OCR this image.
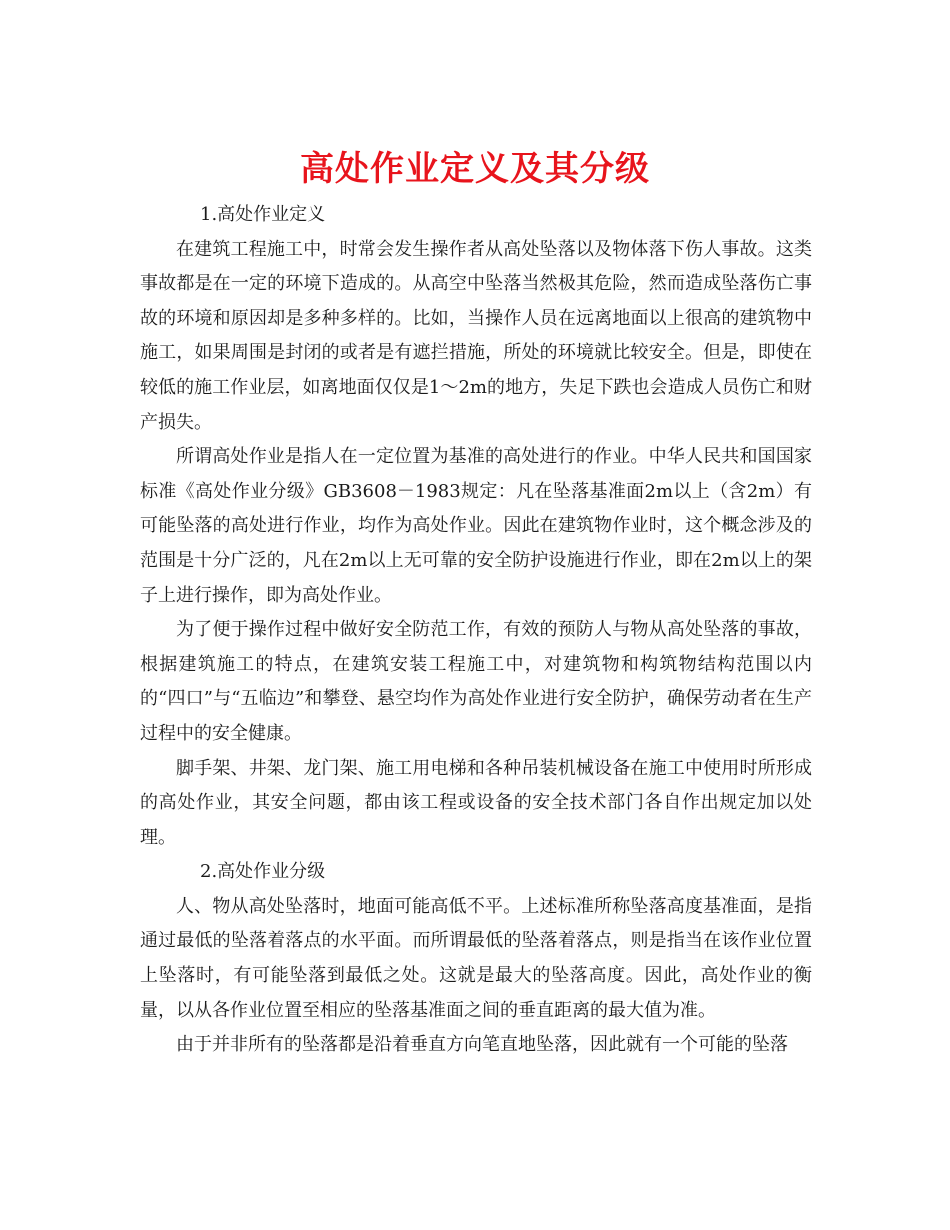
高处作业定义及其分级

1.高处作业定义

在建筑工程施工中，时常会发生操作者从高处坠落以及物体落下伤人事故。这类事故都是在一定的环境下造成的。从高空中坠落当然极其危险，然而造成坠落伤亡事故的环境和原因却是多种多样的。比如，当操作人员在远离地面以上很高的建筑物中施工，如果周围是封闭的或者是有遮拦措施，所处的环境就比较安全。但是，即使在较低的施工作业层，如离地面仅仅是1～2m的地方，失足下跌也会造成人员伤亡和财产损失。

所谓高处作业是指人在一定位置为基准的高处进行的作业。中华人民共和国国家标准《高处作业分级》GB3608－1983规定：凡在坠落基准面2m以上（含2m）有可能坠落的高处进行作业，均作为高处作业。因此在建筑物作业时，这个概念涉及的范围是十分广泛的，凡在2m以上无可靠的安全防护设施进行作业，即在2m以上的架子上进行操作，即为高处作业。

为了便于操作过程中做好安全防范工作，有效的预防人与物从高处坠落的事故，根据建筑施工的特点，在建筑安装工程施工中，对建筑物和构筑物结构范围以内的“四口”与“五临边”和攀登、悬空均作为高处作业进行安全防护，确保劳动者在生产过程中的安全健康。

脚手架、井架、龙门架、施工用电梯和各种吊装机械设备在施工中使用时所形成的高处作业，其安全问题，都由该工程或设备的安全技术部门各自作出规定加以处理。

2.高处作业分级

人、物从高处坠落时，地面可能高低不平。上述标准所称坠落高度基准面，是指通过最低的坠落着落点的水平面。而所谓最低的坠落着落点，则是指当在该作业位置上坠落时，有可能坠落到最低之处。这就是最大的坠落高度。因此，高处作业的衡量，以从各作业位置至相应的坠落基准面之间的垂直距离的最大值为准。

由于并非所有的坠落都是沿着垂直方向笔直地坠落，因此就有一个可能的坠落
